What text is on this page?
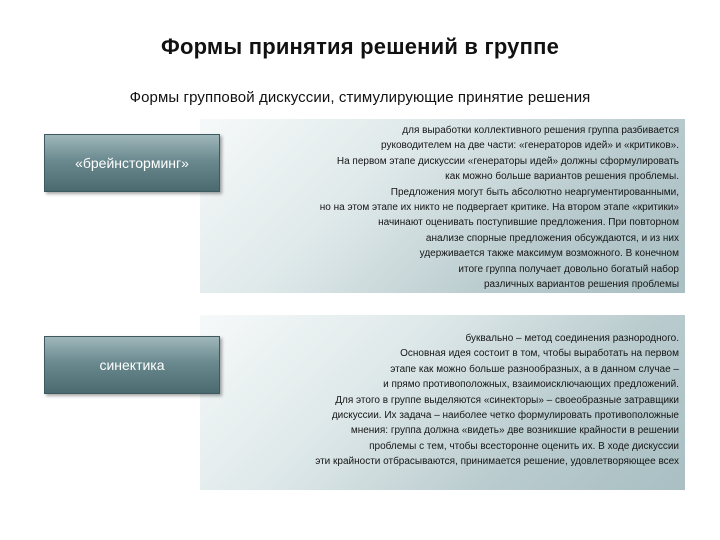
Формы принятия решений в группе
Формы групповой дискуссии, стимулирующие принятие решения
для выработки коллективного решения группа разбивается
руководителем на две части: «генераторов идей» и «критиков».
На первом этапе дискуссии «генераторы идей» должны сформулировать
как можно больше вариантов решения проблемы.
Предложения могут быть абсолютно неаргументированными,
но на этом этапе их никто не подвергает критике. На втором этапе «критики»
начинают оценивать поступившие предложения. При повторном
анализе спорные предложения обсуждаются, и из них
удерживается также максимум возможного. В конечном
итоге группа получает довольно богатый набор
различных вариантов решения проблемы
«брейнсторминг»
буквально – метод соединения разнородного.
Основная идея состоит в том, чтобы выработать на первом
этапе как можно больше разнообразных, а в данном случае –
и прямо противоположных, взаимоисключающих предложений.
Для этого в группе выделяются «синекторы» – своеобразные затравщики
дискуссии. Их задача – наиболее четко формулировать противоположные
мнения: группа должна «видеть» две возникшие крайности в решении
проблемы с тем, чтобы всесторонне оценить их. В ходе дискуссии
эти крайности отбрасываются, принимается решение, удовлетворяющее всех
синектика
